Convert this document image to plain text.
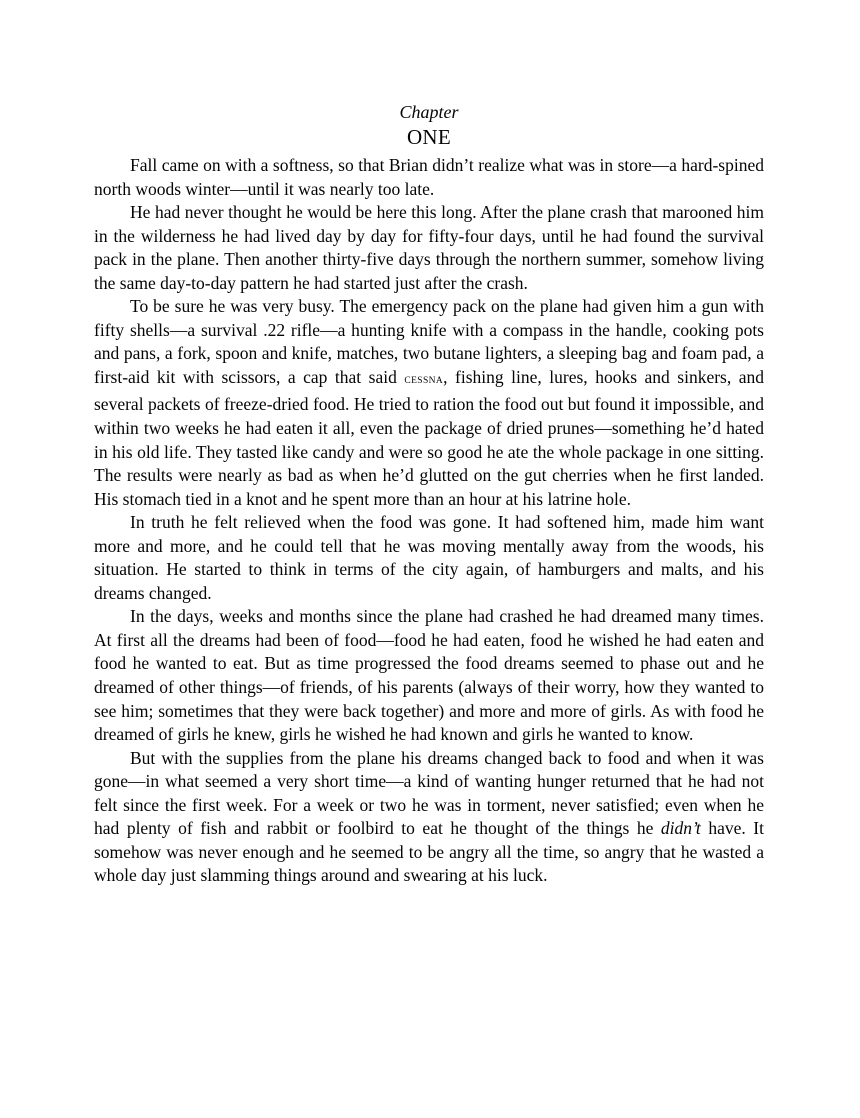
Chapter
ONE

Fall came on with a softness, so that Brian didn’t realize what was in store—a hard-spined north woods winter—until it was nearly too late.

He had never thought he would be here this long. After the plane crash that marooned him in the wilderness he had lived day by day for fifty-four days, until he had found the survival pack in the plane. Then another thirty-five days through the northern summer, somehow living the same day-to-day pattern he had started just after the crash.

To be sure he was very busy. The emergency pack on the plane had given him a gun with fifty shells—a survival .22 rifle—a hunting knife with a compass in the handle, cooking pots and pans, a fork, spoon and knife, matches, two butane lighters, a sleeping bag and foam pad, a first-aid kit with scissors, a cap that said CESSNA, fishing line, lures, hooks and sinkers, and several packets of freeze-dried food. He tried to ration the food out but found it impossible, and within two weeks he had eaten it all, even the package of dried prunes—something he’d hated in his old life. They tasted like candy and were so good he ate the whole package in one sitting. The results were nearly as bad as when he’d glutted on the gut cherries when he first landed. His stomach tied in a knot and he spent more than an hour at his latrine hole.

In truth he felt relieved when the food was gone. It had softened him, made him want more and more, and he could tell that he was moving mentally away from the woods, his situation. He started to think in terms of the city again, of hamburgers and malts, and his dreams changed.

In the days, weeks and months since the plane had crashed he had dreamed many times. At first all the dreams had been of food—food he had eaten, food he wished he had eaten and food he wanted to eat. But as time progressed the food dreams seemed to phase out and he dreamed of other things—of friends, of his parents (always of their worry, how they wanted to see him; sometimes that they were back together) and more and more of girls. As with food he dreamed of girls he knew, girls he wished he had known and girls he wanted to know.

But with the supplies from the plane his dreams changed back to food and when it was gone—in what seemed a very short time—a kind of wanting hunger returned that he had not felt since the first week. For a week or two he was in torment, never satisfied; even when he had plenty of fish and rabbit or foolbird to eat he thought of the things he didn’t have. It somehow was never enough and he seemed to be angry all the time, so angry that he wasted a whole day just slamming things around and swearing at his luck.
